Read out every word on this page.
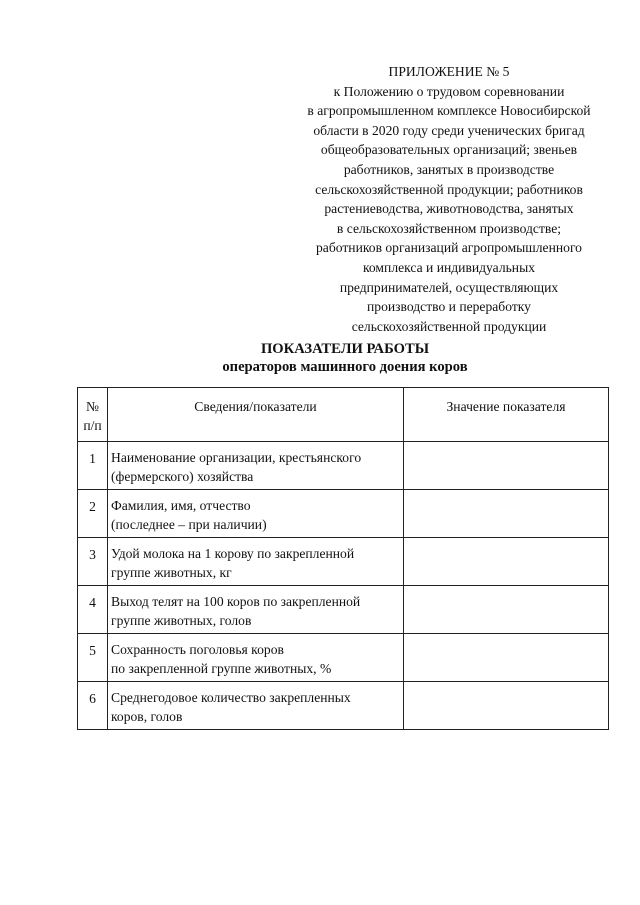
ПРИЛОЖЕНИЕ № 5
к Положению о трудовом соревновании
в агропромышленном комплексе Новосибирской
области в 2020 году среди ученических бригад
общеобразовательных организаций; звеньев
работников, занятых в производстве
сельскохозяйственной продукции; работников
растениеводства, животноводства, занятых
в сельскохозяйственном производстве;
работников организаций агропромышленного
комплекса и индивидуальных
предпринимателей, осуществляющих
производство и переработку
сельскохозяйственной продукции
ПОКАЗАТЕЛИ РАБОТЫ
операторов машинного доения коров
№
п/п	Сведения/показатели	Значение показателя
1	Наименование организации, крестьянского
(фермерского) хозяйства	

2	Фамилия, имя, отчество
(последнее – при наличии)	

3	Удой молока на 1 корову по закрепленной
группе животных, кг	

4	Выход телят на 100 коров по закрепленной
группе животных, голов	

5	Сохранность поголовья коров
по закрепленной группе животных, %	

6	Среднегодовое количество закрепленных
коров, голов	
